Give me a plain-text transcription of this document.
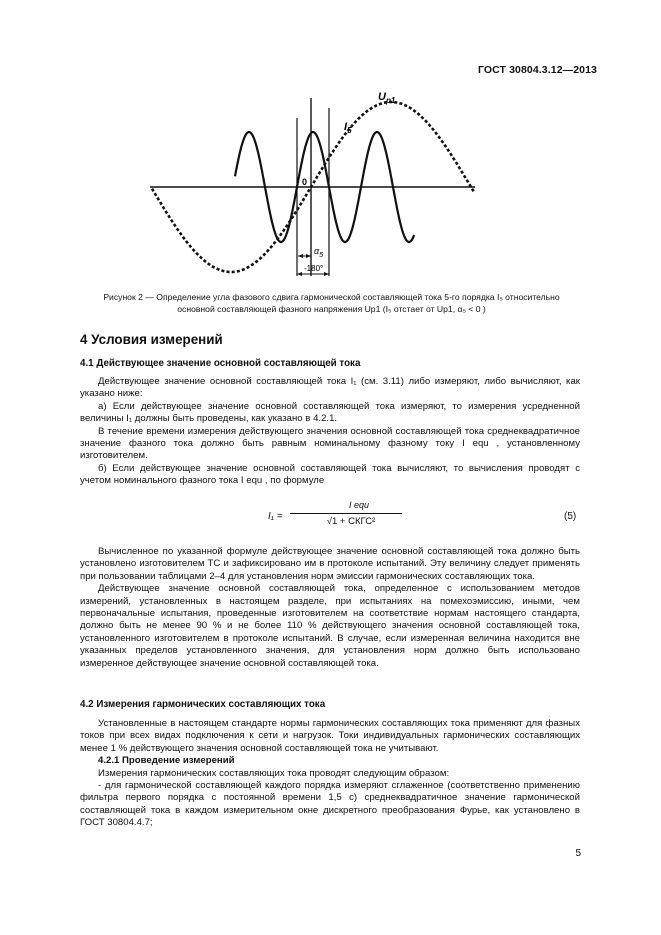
ГОСТ 30804.3.12—2013
$U_{p1}$
$I_5$
0
$\alpha_5$
-180°
Рисунок 2 — Определение угла фазового сдвига гармонической составляющей тока 5-го порядка I₅ относительно
основной составляющей фазного напряжения Up1 (I₅ отстает от Up1, α₅ < 0 )
4 Условия измерений
4.1 Действующее значение основной составляющей тока

Действующее значение основной составляющей тока I₁ (см. 3.11) либо измеряют, либо вычисляют, как указано ниже:

а) Если действующее значение основной составляющей тока измеряют, то измерения усредненной величины I₁ должны быть проведены, как указано в 4.2.1.

В течение времени измерения действующего значения основной составляющей тока среднеквадратичное значение фазного тока должно быть равным номинальному фазному току I equ , установленному изготовителем.

б) Если действующее значение основной составляющей тока вычисляют, то вычисления проводят с учетом номинального фазного тока I equ , по формуле

I₁ =
I equ
√1 + СКГС²	(5)

Вычисленное по указанной формуле действующее значение основной составляющей тока должно быть установлено изготовителем ТС и зафиксировано им в протоколе испытаний. Эту величину следует применять при пользовании таблицами 2–4 для установления норм эмиссии гармонических составляющих тока.

Действующее значение основной составляющей тока, определенное с использованием методов измерений, установленных в настоящем разделе, при испытаниях на помехоэмиссию, иными, чем первоначальные испытания, проведенные изготовителем на соответствие нормам настоящего стандарта, должно быть не менее 90 % и не более 110 % действующего значения основной составляющей тока, установленного изготовителем в протоколе испытаний. В случае, если измеренная величина находится вне указанных пределов установленного значения, для установления норм должно быть использовано измеренное действующее значение основной составляющей тока.

4.2 Измерения гармонических составляющих тока

Установленные в настоящем стандарте нормы гармонических составляющих тока применяют для фазных токов при всех видах подключения к сети и нагрузок. Токи индивидуальных гармонических составляющих менее 1 % действующего значения основной составляющей тока не учитывают.

4.2.1 Проведение измерений

Измерения гармонических составляющих тока проводят следующим образом:

- для гармонической составляющей каждого порядка измеряют сглаженное (соответственно применению фильтра первого порядка с постоянной времени 1,5 с) среднеквадратичное значение гармонической составляющей тока в каждом измерительном окне дискретного преобразования Фурье, как установлено в ГОСТ 30804.4.7;

5
